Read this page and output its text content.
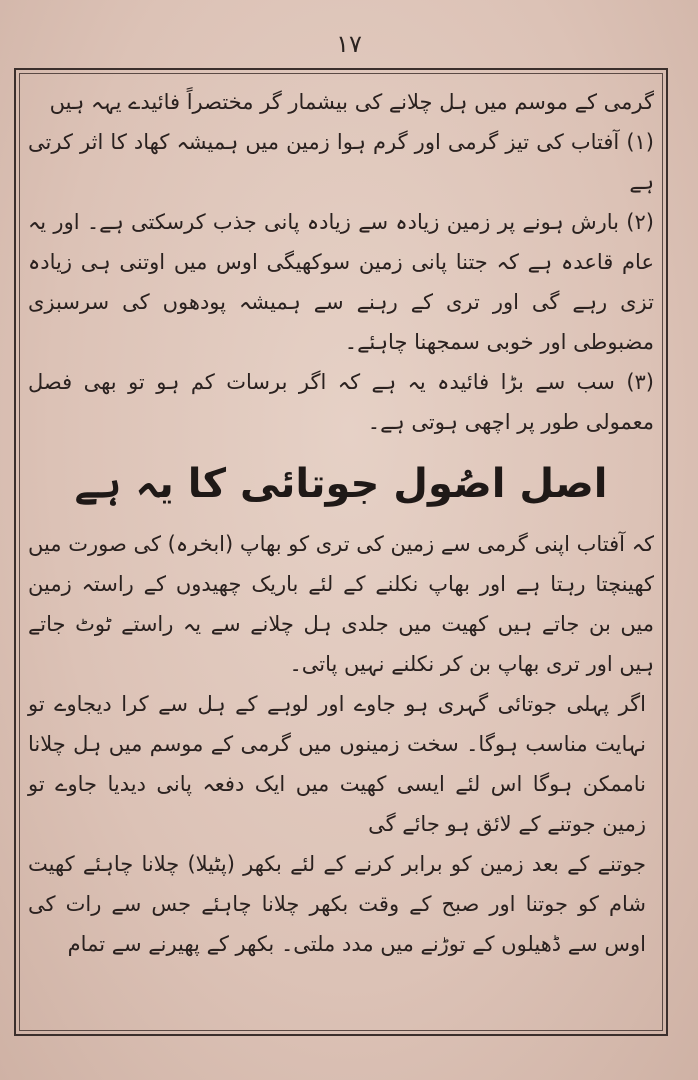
١٧

گرمی کے موسم میں ہل چلانے کی بیشمار گر مختصراً فائیدے یہہ ہیں

(۱) آفتاب کی تیز گرمی اور گرم ہوا زمین میں ہمیشہ کھاد کا اثر کرتی ہے

(۲) بارش ہونے پر زمین زیادہ سے زیادہ پانی جذب کرسکتی ہے۔ اور یہ عام قاعدہ ہے کہ جتنا پانی زمین سوکھیگی اوس میں اوتنی ہی زیادہ تزی رہے گی اور تری کے رہنے سے ہمیشہ پودھوں کی سرسبزی مضبوطی اور خوبی سمجھنا چاہئے۔

(۳) سب سے بڑا فائیدہ یہ ہے کہ اگر برسات کم ہو تو بھی فصل معمولی طور پر اچھی ہوتی ہے۔

اصل اصُول جوتائی کا یہ ہے

کہ آفتاب اپنی گرمی سے زمین کی تری کو بھاپ (ابخرہ) کی صورت میں کھینچتا رہتا ہے اور بھاپ نکلنے کے لئے باریک چھیدوں کے راستہ زمین میں بن جاتے ہیں کھیت میں جلدی ہل چلانے سے یہ راستے ٹوٹ جاتے ہیں اور تری بھاپ بن کر نکلنے نہیں پاتی۔

اگر پہلی جوتائی گہری ہو جاوے اور لوہے کے ہل سے کرا دیجاوے تو نہایت مناسب ہوگا۔ سخت زمینوں میں گرمی کے موسم میں ہل چلانا ناممکن ہوگا اس لئے ایسی کھیت میں ایک دفعہ پانی دیدیا جاوے تو زمین جوتنے کے لائق ہو جائے گی

جوتنے کے بعد زمین کو برابر کرنے کے لئے بکھر (پٹیلا) چلانا چاہئے کھیت شام کو جوتنا اور صبح کے وقت بکھر چلانا چاہئے جس سے رات کی اوس سے ڈھیلوں کے توڑنے میں مدد ملتی۔ بکھر کے پھیرنے سے تمام
